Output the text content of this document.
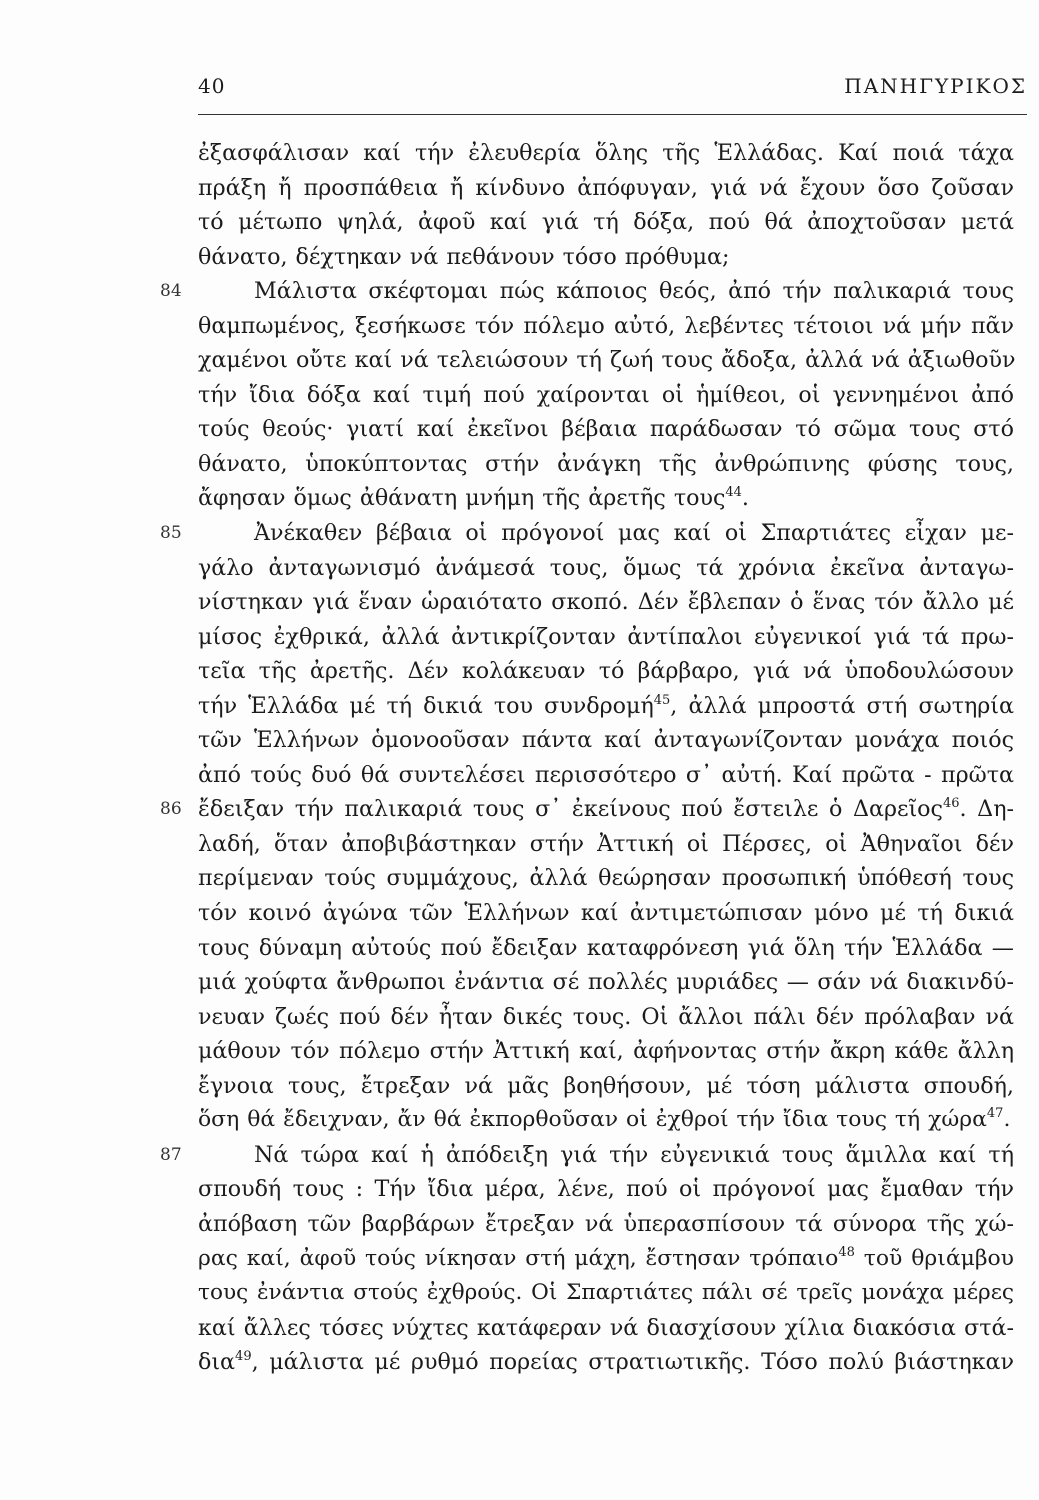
40	ΠΑΝΗΓΥΡΙΚΟΣ
ἐξασφάλισαν καί τήν ἐλευθερία ὅλης τῆς Ἑλλάδας. Καί ποιά τάχα
πράξη ἤ προσπάθεια ἤ κίνδυνο ἀπόφυγαν, γιά νά ἔχουν ὅσο ζοῦσαν
τό μέτωπο ψηλά, ἀφοῦ καί γιά τή δόξα, πού θά ἀποχτοῦσαν μετά
θάνατο, δέχτηκαν νά πεθάνουν τόσο πρόθυμα;
84	Μάλιστα σκέφτομαι πώς κάποιος θεός, ἀπό τήν παλικαριά τους
θαμπωμένος, ξεσήκωσε τόν πόλεμο αὐτό, λεβέντες τέτοιοι νά μήν πᾶν
χαμένοι οὔτε καί νά τελειώσουν τή ζωή τους ἄδοξα, ἀλλά νά ἀξιωθοῦν
τήν ἴδια δόξα καί τιμή πού χαίρονται οἱ ἡμίθεοι, οἱ γεννημένοι ἀπό
τούς θεούς· γιατί καί ἐκεῖνοι βέβαια παράδωσαν τό σῶμα τους στό
θάνατο, ὑποκύπτοντας στήν ἀνάγκη τῆς ἀνθρώπινης φύσης τους,
ἄφησαν ὅμως ἀθάνατη μνήμη τῆς ἀρετῆς τους$^{44}$.
85	Ἀνέκαθεν βέβαια οἱ πρόγονοί μας καί οἱ Σπαρτιάτες εἶχαν με-
γάλο ἀνταγωνισμό ἀνάμεσά τους, ὅμως τά χρόνια ἐκεῖνα ἀνταγω-
νίστηκαν γιά ἕναν ὡραιότατο σκοπό. Δέν ἔβλεπαν ὁ ἕνας τόν ἄλλο μέ
μίσος ἐχθρικά, ἀλλά ἀντικρίζονταν ἀντίπαλοι εὐγενικοί γιά τά πρω-
τεῖα τῆς ἀρετῆς. Δέν κολάκευαν τό βάρβαρο, γιά νά ὑποδουλώσουν
τήν Ἑλλάδα μέ τή δικιά του συνδρομή$^{45}$, ἀλλά μπροστά στή σωτηρία
τῶν Ἑλλήνων ὁμονοοῦσαν πάντα καί ἀνταγωνίζονταν μονάχα ποιός
ἀπό τούς δυό θά συντελέσει περισσότερο σ᾽ αὐτή. Καί πρῶτα - πρῶτα
86 ἔδειξαν τήν παλικαριά τους σ᾽ ἐκείνους πού ἔστειλε ὁ Δαρεῖος$^{46}$. Δη-
λαδή, ὅταν ἀποβιβάστηκαν στήν Ἀττική οἱ Πέρσες, οἱ Ἀθηναῖοι δέν
περίμεναν τούς συμμάχους, ἀλλά θεώρησαν προσωπική ὑπόθεσή τους
τόν κοινό ἀγώνα τῶν Ἑλλήνων καί ἀντιμετώπισαν μόνο μέ τή δικιά
τους δύναμη αὐτούς πού ἔδειξαν καταφρόνεση γιά ὅλη τήν Ἑλλάδα —
μιά χούφτα ἄνθρωποι ἐνάντια σέ πολλές μυριάδες — σάν νά διακινδύ-
νευαν ζωές πού δέν ἦταν δικές τους. Οἱ ἄλλοι πάλι δέν πρόλαβαν νά
μάθουν τόν πόλεμο στήν Ἀττική καί, ἀφήνοντας στήν ἄκρη κάθε ἄλλη
ἔγνοια τους, ἔτρεξαν νά μᾶς βοηθήσουν, μέ τόση μάλιστα σπουδή,
ὅση θά ἔδειχναν, ἄν θά ἐκπορθοῦσαν οἱ ἐχθροί τήν ἴδια τους τή χώρα$^{47}$.
87	Νά τώρα καί ἡ ἀπόδειξη γιά τήν εὐγενικιά τους ἅμιλλα καί τή
σπουδή τους : Τήν ἴδια μέρα, λένε, πού οἱ πρόγονοί μας ἔμαθαν τήν
ἀπόβαση τῶν βαρβάρων ἔτρεξαν νά ὑπερασπίσουν τά σύνορα τῆς χώ-
ρας καί, ἀφοῦ τούς νίκησαν στή μάχη, ἔστησαν τρόπαιο$^{48}$ τοῦ θριάμβου
τους ἐνάντια στούς ἐχθρούς. Οἱ Σπαρτιάτες πάλι σέ τρεῖς μονάχα μέρες
καί ἄλλες τόσες νύχτες κατάφεραν νά διασχίσουν χίλια διακόσια στά-
δια$^{49}$, μάλιστα μέ ρυθμό πορείας στρατιωτικῆς. Τόσο πολύ βιάστηκαν
